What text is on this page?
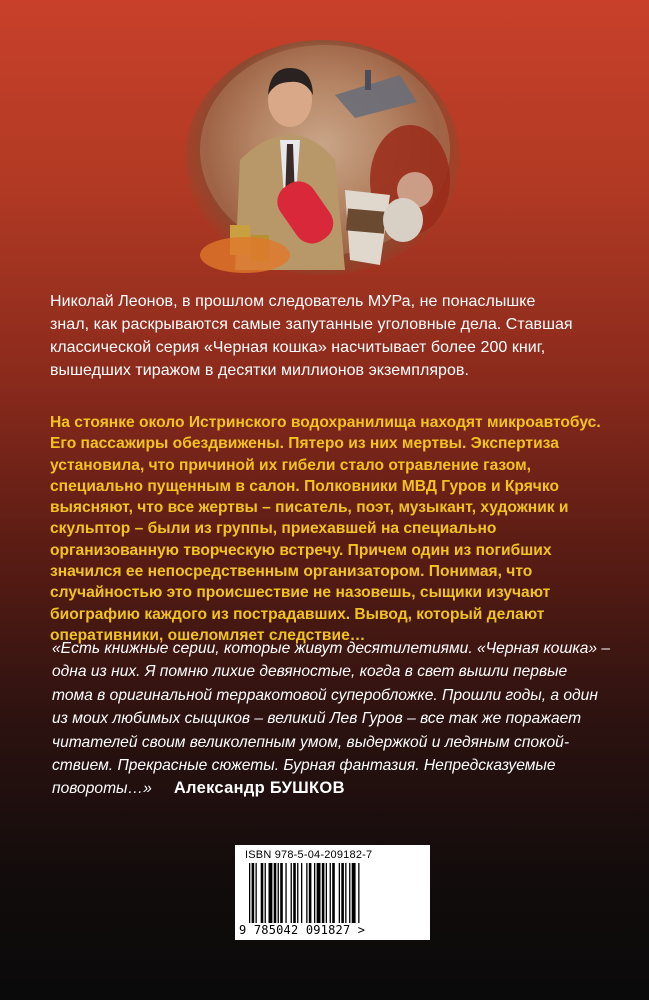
Николай Леонов, в прошлом следователь МУРа, не понаслышке
знал, как раскрываются самые запутанные уголовные дела. Ставшая
классической серия «Черная кошка» насчитывает более 200 книг,
вышедших тиражом в десятки миллионов экземпляров.
На стоянке около Истринского водохранилища находят микроавтобус.
Его пассажиры обездвижены. Пятеро из них мертвы. Экспертиза
установила, что причиной их гибели стало отравление газом,
специально пущенным в салон. Полковники МВД Гуров и Крячко
выясняют, что все жертвы – писатель, поэт, музыкант, художник и
скульптор – были из группы, приехавшей на специально
организованную творческую встречу. Причем один из погибших
значился ее непосредственным организатором. Понимая, что
случайностью это происшествие не назовешь, сыщики изучают
биографию каждого из пострадавших. Вывод, который делают
оперативники, ошеломляет следствие…
«Есть книжные серии, которые живут десятилетиями. «Черная кошка» –
одна из них. Я помню лихие девяностые, когда в свет вышли первые
тома в оригинальной терракотовой суперобложке. Прошли годы, а один
из моих любимых сыщиков – великий Лев Гуров – все так же поражает
читателей своим великолепным умом, выдержкой и ледяным спокой-
ствием. Прекрасные сюжеты. Бурная фантазия. Непредсказуемые
повороты…» Александр БУШКОВ
ISBN 978-5-04-209182-7
9 785042 091827 >
